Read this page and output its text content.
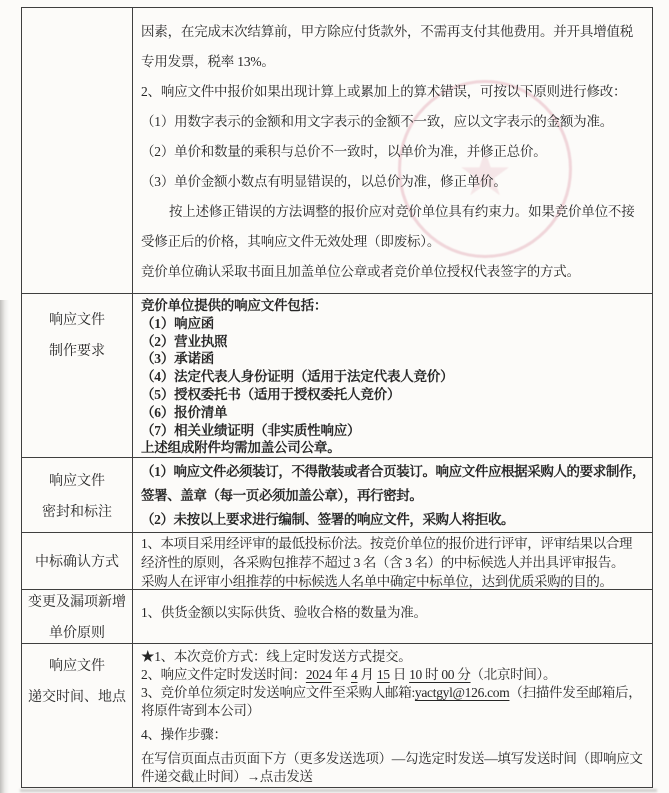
★
因素，在完成末次结算前，甲方除应付货款外，不需再支付其他费用。并开具增值税
专用发票，税率 13%。
2、响应文件中报价如果出现计算上或累加上的算术错误，可按以下原则进行修改：
（1）用数字表示的金额和用文字表示的金额不一致，应以文字表示的金额为准。
（2）单价和数量的乘积与总价不一致时，以单价为准，并修正总价。
（3）单价金额小数点有明显错误的，以总价为准，修正单价。
按上述修正错误的方法调整的报价应对竞价单位具有约束力。如果竞价单位不接
受修正后的价格，其响应文件无效处理（即废标）。
竞价单位确认采取书面且加盖单位公章或者竞价单位授权代表签字的方式。
响应文件
制作要求
竞价单位提供的响应文件包括：
（1）响应函
（2）营业执照
（3）承诺函
（4）法定代表人身份证明（适用于法定代表人竞价）
（5）授权委托书（适用于授权委托人竞价）
（6）报价清单
（7）相关业绩证明（非实质性响应）
上述组成附件均需加盖公司公章。
响应文件
密封和标注
（1）响应文件必须装订，不得散装或者合页装订。响应文件应根据采购人的要求制作，
签署、盖章（每一页必须加盖公章），再行密封。
（2）未按以上要求进行编制、签署的响应文件，采购人将拒收。
中标确认方式
1、本项目采用经评审的最低投标价法。按竞价单位的报价进行评审，评审结果以合理
经济性的原则，各采购包推荐不超过 3 名（含 3 名）的中标候选人并出具评审报告。
采购人在评审小组推荐的中标候选人名单中确定中标单位，达到优质采购的目的。
变更及漏项新增
单价原则
1、供货金额以实际供货、验收合格的数量为准。
响应文件
递交时间、地点
★1、本次竞价方式：线上定时发送方式提交。
2、响应文件定时发送时间：2024 年 4 月 15 日 10 时 00 分（北京时间）。
3、竞价单位须定时发送响应文件至采购人邮箱:yactgyl@126.com（扫描件发至邮箱后，
将原件寄到本公司）
4、操作步骤：
在写信页面点击页面下方（更多发送选项）—勾选定时发送—填写发送时间（即响应文
件递交截止时间）→点击发送
